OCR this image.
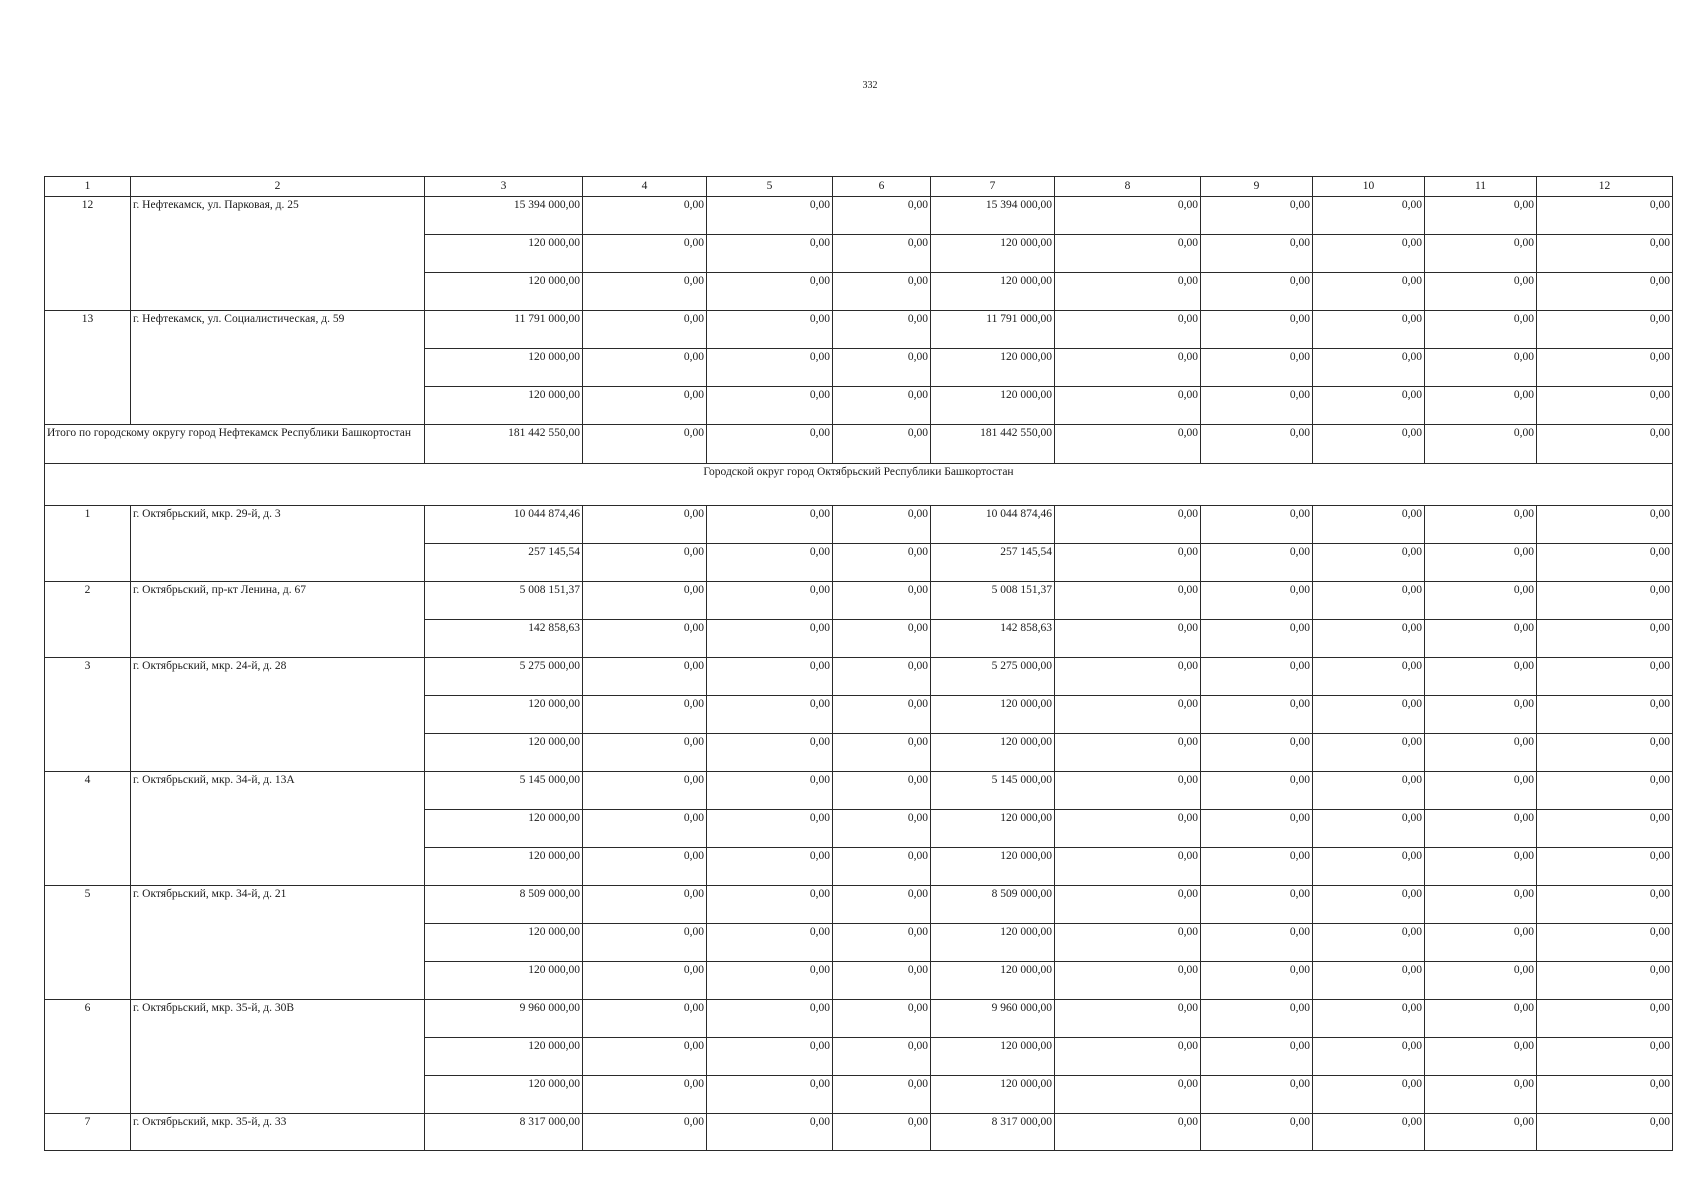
332
1	2	3	4	5	6	7	8	9	10	11	12
12	г. Нефтекамск, ул. Парковая, д. 25	15 394 000,00	0,00	0,00	0,00	15 394 000,00	0,00	0,00	0,00	0,00	0,00
		120 000,00	0,00	0,00	0,00	120 000,00	0,00	0,00	0,00	0,00	0,00
		120 000,00	0,00	0,00	0,00	120 000,00	0,00	0,00	0,00	0,00	0,00
13	г. Нефтекамск, ул. Социалистическая, д. 59	11 791 000,00	0,00	0,00	0,00	11 791 000,00	0,00	0,00	0,00	0,00	0,00
		120 000,00	0,00	0,00	0,00	120 000,00	0,00	0,00	0,00	0,00	0,00
		120 000,00	0,00	0,00	0,00	120 000,00	0,00	0,00	0,00	0,00	0,00
Итого по городскому округу город Нефтекамск Республики Башкортостан		181 442 550,00	0,00	0,00	0,00	181 442 550,00	0,00	0,00	0,00	0,00	0,00
Городской округ город Октябрьский Республики Башкортостан											
1	г. Октябрьский, мкр. 29-й, д. 3	10 044 874,46	0,00	0,00	0,00	10 044 874,46	0,00	0,00	0,00	0,00	0,00
		257 145,54	0,00	0,00	0,00	257 145,54	0,00	0,00	0,00	0,00	0,00
2	г. Октябрьский, пр-кт Ленина, д. 67	5 008 151,37	0,00	0,00	0,00	5 008 151,37	0,00	0,00	0,00	0,00	0,00
		142 858,63	0,00	0,00	0,00	142 858,63	0,00	0,00	0,00	0,00	0,00
3	г. Октябрьский, мкр. 24-й, д. 28	5 275 000,00	0,00	0,00	0,00	5 275 000,00	0,00	0,00	0,00	0,00	0,00
		120 000,00	0,00	0,00	0,00	120 000,00	0,00	0,00	0,00	0,00	0,00
		120 000,00	0,00	0,00	0,00	120 000,00	0,00	0,00	0,00	0,00	0,00
4	г. Октябрьский, мкр. 34-й, д. 13А	5 145 000,00	0,00	0,00	0,00	5 145 000,00	0,00	0,00	0,00	0,00	0,00
		120 000,00	0,00	0,00	0,00	120 000,00	0,00	0,00	0,00	0,00	0,00
		120 000,00	0,00	0,00	0,00	120 000,00	0,00	0,00	0,00	0,00	0,00
5	г. Октябрьский, мкр. 34-й, д. 21	8 509 000,00	0,00	0,00	0,00	8 509 000,00	0,00	0,00	0,00	0,00	0,00
		120 000,00	0,00	0,00	0,00	120 000,00	0,00	0,00	0,00	0,00	0,00
		120 000,00	0,00	0,00	0,00	120 000,00	0,00	0,00	0,00	0,00	0,00
6	г. Октябрьский, мкр. 35-й, д. 30В	9 960 000,00	0,00	0,00	0,00	9 960 000,00	0,00	0,00	0,00	0,00	0,00
		120 000,00	0,00	0,00	0,00	120 000,00	0,00	0,00	0,00	0,00	0,00
		120 000,00	0,00	0,00	0,00	120 000,00	0,00	0,00	0,00	0,00	0,00
7	г. Октябрьский, мкр. 35-й, д. 33	8 317 000,00	0,00	0,00	0,00	8 317 000,00	0,00	0,00	0,00	0,00	0,00
